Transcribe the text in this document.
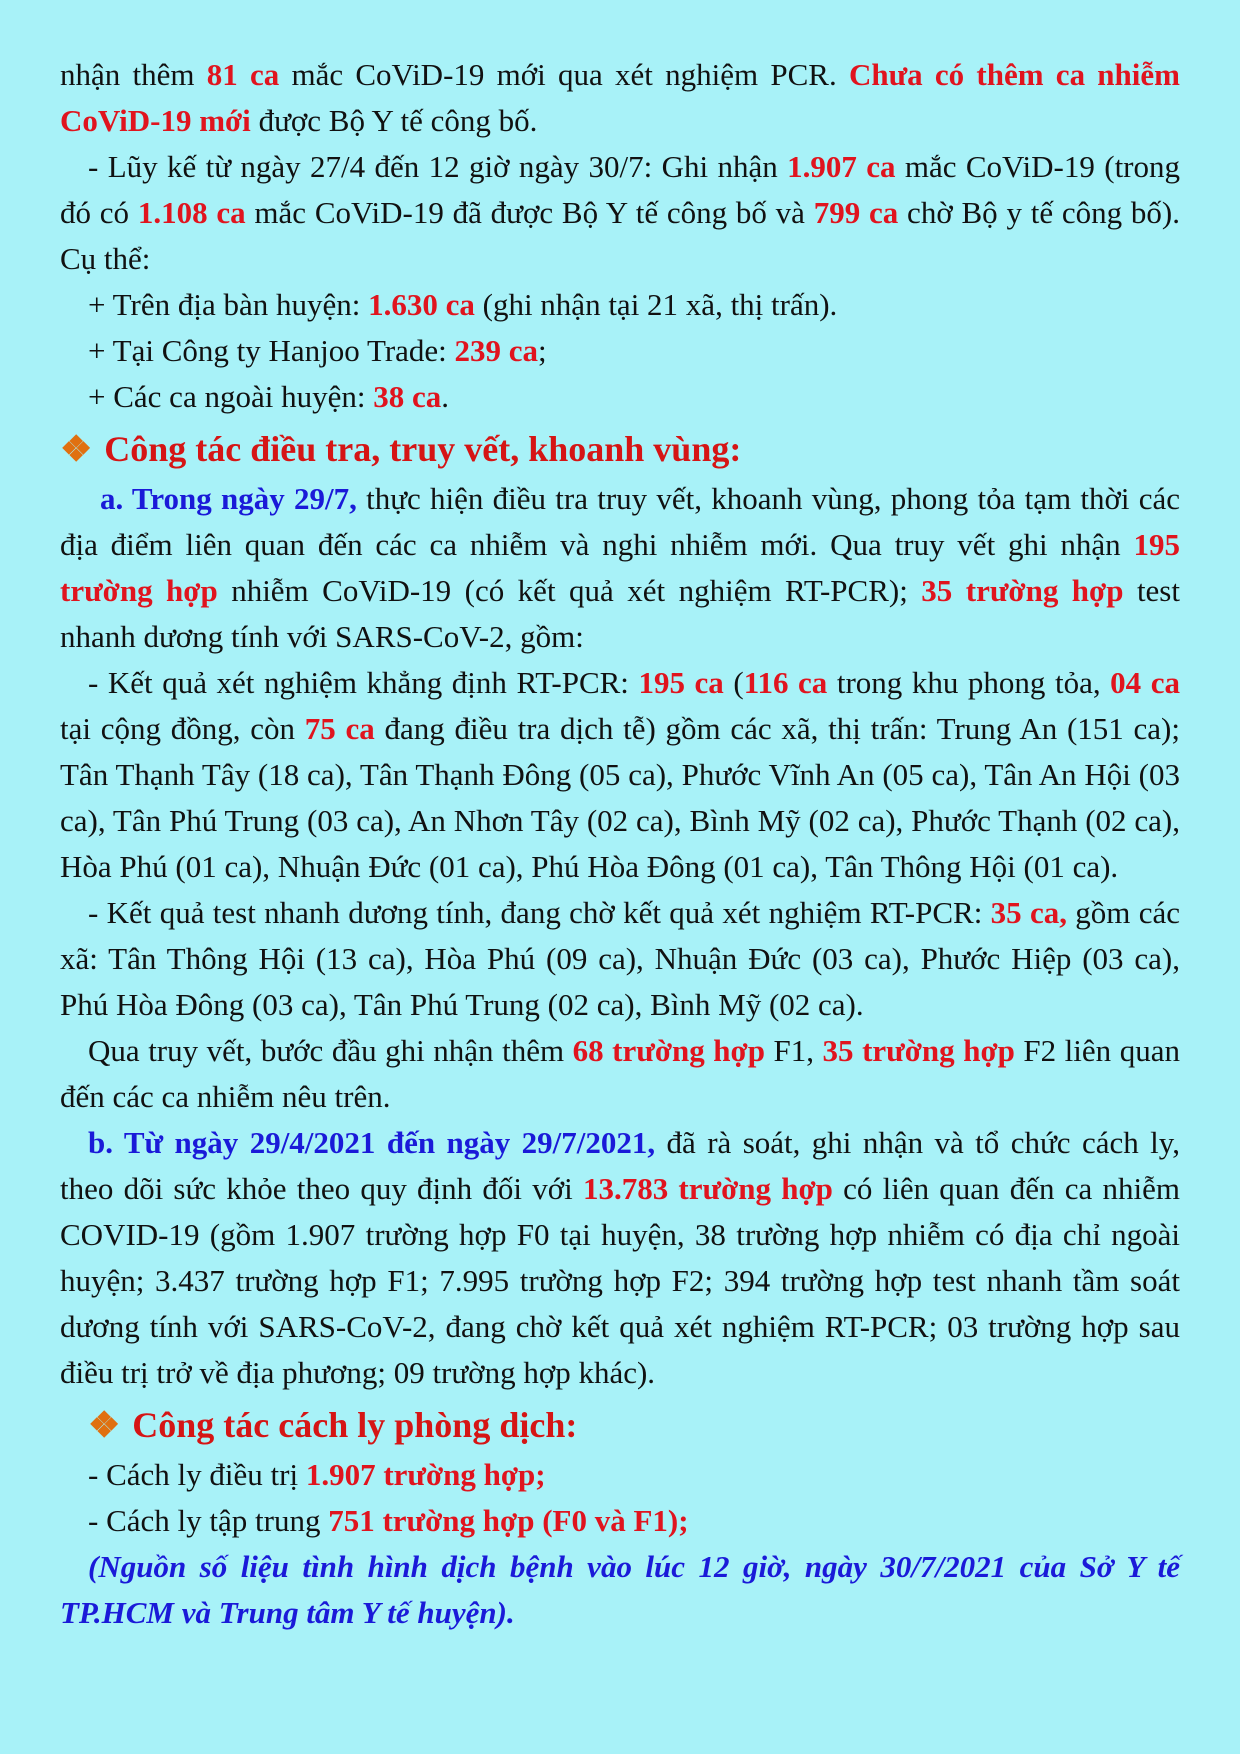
nhận thêm 81 ca mắc CoViD-19 mới qua xét nghiệm PCR. Chưa có thêm ca nhiễm CoViD-19 mới được Bộ Y tế công bố.

- Lũy kế từ ngày 27/4 đến 12 giờ ngày 30/7: Ghi nhận 1.907 ca mắc CoViD-19 (trong đó có 1.108 ca mắc CoViD-19 đã được Bộ Y tế công bố và 799 ca chờ Bộ y tế công bố). Cụ thể:

+ Trên địa bàn huyện: 1.630 ca (ghi nhận tại 21 xã, thị trấn).

+ Tại Công ty Hanjoo Trade: 239 ca;

+ Các ca ngoài huyện: 38 ca.

❖ Công tác điều tra, truy vết, khoanh vùng:

a. Trong ngày 29/7, thực hiện điều tra truy vết, khoanh vùng, phong tỏa tạm thời các địa điểm liên quan đến các ca nhiễm và nghi nhiễm mới. Qua truy vết ghi nhận 195 trường hợp nhiễm CoViD-19 (có kết quả xét nghiệm RT-PCR); 35 trường hợp test nhanh dương tính với SARS-CoV-2, gồm:

- Kết quả xét nghiệm khẳng định RT-PCR: 195 ca (116 ca trong khu phong tỏa, 04 ca tại cộng đồng, còn 75 ca đang điều tra dịch tễ) gồm các xã, thị trấn: Trung An (151 ca); Tân Thạnh Tây (18 ca), Tân Thạnh Đông (05 ca), Phước Vĩnh An (05 ca), Tân An Hội (03 ca), Tân Phú Trung (03 ca), An Nhơn Tây (02 ca), Bình Mỹ (02 ca), Phước Thạnh (02 ca), Hòa Phú (01 ca), Nhuận Đức (01 ca), Phú Hòa Đông (01 ca), Tân Thông Hội (01 ca).

- Kết quả test nhanh dương tính, đang chờ kết quả xét nghiệm RT-PCR: 35 ca, gồm các xã: Tân Thông Hội (13 ca), Hòa Phú (09 ca), Nhuận Đức (03 ca), Phước Hiệp (03 ca), Phú Hòa Đông (03 ca), Tân Phú Trung (02 ca), Bình Mỹ (02 ca).

Qua truy vết, bước đầu ghi nhận thêm 68 trường hợp F1, 35 trường hợp F2 liên quan đến các ca nhiễm nêu trên.

b. Từ ngày 29/4/2021 đến ngày 29/7/2021, đã rà soát, ghi nhận và tổ chức cách ly, theo dõi sức khỏe theo quy định đối với 13.783 trường hợp có liên quan đến ca nhiễm COVID-19 (gồm 1.907 trường hợp F0 tại huyện, 38 trường hợp nhiễm có địa chỉ ngoài huyện; 3.437 trường hợp F1; 7.995 trường hợp F2; 394 trường hợp test nhanh tầm soát dương tính với SARS-CoV-2, đang chờ kết quả xét nghiệm RT-PCR; 03 trường hợp sau điều trị trở về địa phương; 09 trường hợp khác).

❖ Công tác cách ly phòng dịch:

- Cách ly điều trị 1.907 trường hợp;

- Cách ly tập trung 751 trường hợp (F0 và F1);

(Nguồn số liệu tình hình dịch bệnh vào lúc 12 giờ, ngày 30/7/2021 của Sở Y tế TP.HCM và Trung tâm Y tế huyện).
